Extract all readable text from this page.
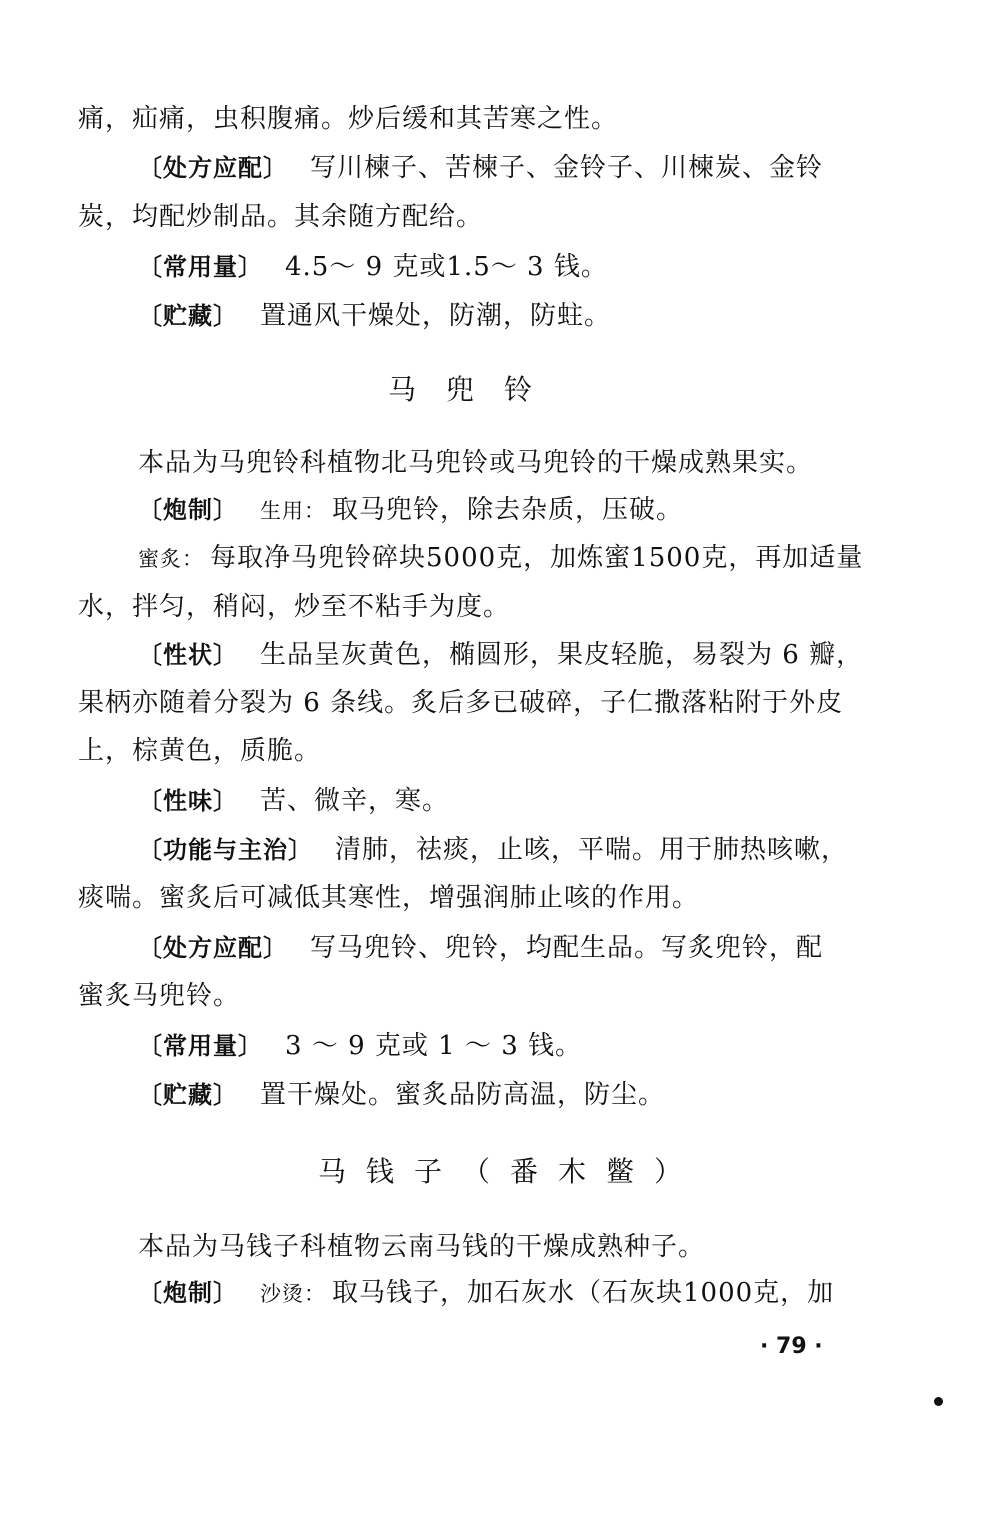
痛，疝痛，虫积腹痛。炒后缓和其苦寒之性。
〔处方应配〕 写川楝子、苦楝子、金铃子、川楝炭、金铃
炭，均配炒制品。其余随方配给。
〔常用量〕 4.5～ 9 克或1.5～ 3 钱。
〔贮藏〕 置通风干燥处，防潮，防蛀。
马兜铃
本品为马兜铃科植物北马兜铃或马兜铃的干燥成熟果实。
〔炮制〕 生用： 取马兜铃，除去杂质，压破。
蜜炙： 每取净马兜铃碎块5000克，加炼蜜1500克，再加适量
水，拌匀，稍闷，炒至不粘手为度。
〔性状〕 生品呈灰黄色，椭圆形，果皮轻脆，易裂为 6 瓣，
果柄亦随着分裂为 6 条线。炙后多已破碎，子仁撒落粘附于外皮
上，棕黄色，质脆。
〔性味〕 苦、微辛，寒。
〔功能与主治〕 清肺，祛痰，止咳，平喘。用于肺热咳嗽，
痰喘。蜜炙后可减低其寒性，增强润肺止咳的作用。
〔处方应配〕 写马兜铃、兜铃，均配生品。写炙兜铃，配
蜜炙马兜铃。
〔常用量〕 3 ～ 9 克或 1 ～ 3 钱。
〔贮藏〕 置干燥处。蜜炙品防高温，防尘。
马钱子（番木鳖）
本品为马钱子科植物云南马钱的干燥成熟种子。
〔炮制〕 沙烫： 取马钱子，加石灰水（石灰块1000克，加
· 79 ·
